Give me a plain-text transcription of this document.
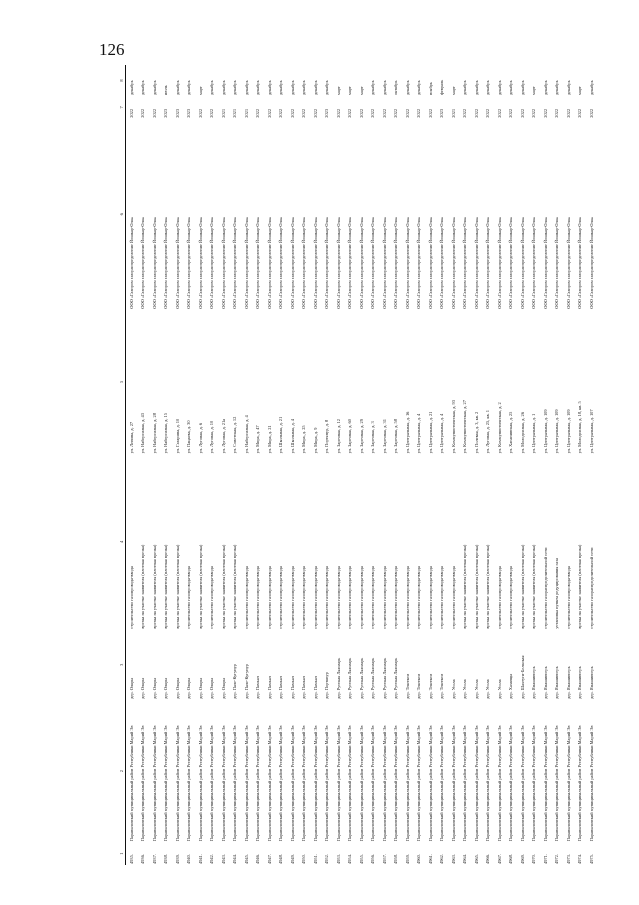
126
1	2	3	4	5	6	7	8
4935.	Параньгинский муниципальный район Республики Марий Эл	дер. Оляры	строительство газопровода-ввода	ул. Ленина, д. 27	ООО «Газпром газораспределение Йошкар-Ола»	2022	декабрь
4936.	Параньгинский муниципальный район Республики Марий Эл	дер. Оляры	врезка на участке заявителя (плотная врезка)	ул. Набережная, д. 43	ООО «Газпром газораспределение Йошкар-Ола»	2022	декабрь
4937.	Параньгинский муниципальный район Республики Марий Эл	дер. Оляры	врезка на участке заявителя (плотная врезка)	ул. Набережная, д. 28	ООО «Газпром газораспределение Йошкар-Ола»	2022	декабрь
4938.	Параньгинский муниципальный район Республики Марий Эл	дер. Оляры	врезка на участке заявителя (плотная врезка)	ул. Набережная, д. 15	ООО «Газпром газораспределение Йошкар-Ола»	2023	июль
4939.	Параньгинский муниципальный район Республики Марий Эл	дер. Оляры	врезка на участке заявителя (плотная врезка)	ул. Гагарина, д. 10	ООО «Газпром газораспределение Йошкар-Ола»	2023	декабрь
4940.	Параньгинский муниципальный район Республики Марий Эл	дер. Оляры	строительство газопровода-ввода	ул. Пацаева, д. 30	ООО «Газпром газораспределение Йошкар-Ола»	2023	декабрь
4941.	Параньгинский муниципальный район Республики Марий Эл	дер. Оляры	врезка на участке заявителя (плотная врезка)	ул. Луговая, д. 6	ООО «Газпром газораспределение Йошкар-Ола»	2022	март
4942.	Параньгинский муниципальный район Республики Марий Эл	дер. Оляры	строительство газопровода-ввода	ул. Луговая, д. 10	ООО «Газпром газораспределение Йошкар-Ола»	2022	декабрь
4943.	Параньгинский муниципальный район Республики Марий Эл	дер. Оляры	врезка на участке заявителя (плотная врезка)	ул. Луговая, д. 21а	ООО «Газпром газораспределение Йошкар-Ола»	2021	декабрь
4944.	Параньгинский муниципальный район Республики Марий Эл	дер. Пале-Кугунур	врезка на участке заявителя (плотная врезка)	ул. Советская, д. 12	ООО «Газпром газораспределение Йошкар-Ола»	2021	декабрь
4945.	Параньгинский муниципальный район Республики Марий Эл	дер. Пале-Кугунур	строительство газопровода-ввода	ул. Набережная, д. 4	ООО «Газпром газораспределение Йошкар-Ола»	2021	декабрь
4946.	Параньгинский муниципальный район Республики Марий Эл	дер. Памьял	строительство газопровода-ввода	ул. Мира, д. 47	ООО «Газпром газораспределение Йошкар-Ола»	2022	декабрь
4947.	Параньгинский муниципальный район Республики Марий Эл	дер. Памьял	строительство газопровода-ввода	ул. Мира, д. 21	ООО «Газпром газораспределение Йошкар-Ола»	2022	декабрь
4948.	Параньгинский муниципальный район Республики Марий Эл	дер. Памьял	строительство газопровода-ввода	ул. Школьная, д. 21	ООО «Газпром газораспределение Йошкар-Ола»	2022	декабрь
4949.	Параньгинский муниципальный район Республики Марий Эл	дер. Памьял	строительство газопровода-ввода	ул. Школьная, д. 4	ООО «Газпром газораспределение Йошкар-Ола»	2022	декабрь
4950.	Параньгинский муниципальный район Республики Марий Эл	дер. Памьял	строительство газопровода-ввода	ул. Мира, д. 25	ООО «Газпром газораспределение Йошкар-Ола»	2022	декабрь
4951.	Параньгинский муниципальный район Республики Марий Эл	дер. Памьял	строительство газопровода-ввода	ул. Мира, д. 9	ООО «Газпром газораспределение Йошкар-Ола»	2022	декабрь
4952.	Параньгинский муниципальный район Республики Марий Эл	дер. Портянур	строительство газопровода-ввода	ул. Портянур, д. 8	ООО «Газпром газораспределение Йошкар-Ола»	2023	декабрь
4953.	Параньгинский муниципальный район Республики Марий Эл	дер. Русская Ляжмарь	строительство газопровода-ввода	ул. Заречная, д. 12	ООО «Газпром газораспределение Йошкар-Ола»	2022	март
4954.	Параньгинский муниципальный район Республики Марий Эл	дер. Русская Ляжмарь	строительство газопровода-ввода	ул. Заречная, д. 60	ООО «Газпром газораспределение Йошкар-Ола»	2022	март
4955.	Параньгинский муниципальный район Республики Марий Эл	дер. Русская Ляжмарь	строительство газопровода-ввода	ул. Заречная, д. 29	ООО «Газпром газораспределение Йошкар-Ола»	2022	март
4956.	Параньгинский муниципальный район Республики Марий Эл	дер. Русская Ляжмарь	строительство газопровода-ввода	ул. Заречная, д. 3	ООО «Газпром газораспределение Йошкар-Ола»	2022	декабрь
4957.	Параньгинский муниципальный район Республики Марий Эл	дер. Русская Ляжмарь	строительство газопровода-ввода	ул. Заречная, д. 31	ООО «Газпром газораспределение Йошкар-Ола»	2022	декабрь
4958.	Параньгинский муниципальный район Республики Марий Эл	дер. Русская Ляжмарь	строительство газопровода-ввода	ул. Заречная, д. 58	ООО «Газпром газораспределение Йошкар-Ола»	2022	октябрь
4959.	Параньгинский муниципальный район Республики Марий Эл	дер. Тешткем	строительство газопровода-ввода	ул. Центральная, д. 16	ООО «Газпром газораспределение Йошкар-Ола»	2022	декабрь
4960.	Параньгинский муниципальный район Республики Марий Эл	дер. Тешткем	строительство газопровода-ввода	ул. Центральная, д. 4	ООО «Газпром газораспределение Йошкар-Ола»	2022	декабрь
4961.	Параньгинский муниципальный район Республики Марий Эл	дер. Тешткем	строительство газопровода-ввода	ул. Центральная, д. 21	ООО «Газпром газораспределение Йошкар-Ола»	2022	ноябрь
4962.	Параньгинский муниципальный район Республики Марий Эл	дер. Тешткем	строительство газопровода-ввода	ул. Центральная, д. 4	ООО «Газпром газораспределение Йошкар-Ола»	2023	февраль
4963.	Параньгинский муниципальный район Республики Марий Эл	дер. Усола	строительство газопровода-ввода	ул. Коммунистическая, д. 93	ООО «Газпром газораспределение Йошкар-Ола»	2021	март
4964.	Параньгинский муниципальный район Республики Марий Эл	дер. Усола	врезка на участке заявителя (плотная врезка)	ул. Коммунистическая, д. 27	ООО «Газпром газораспределение Йошкар-Ола»	2022	декабрь
4965.	Параньгинский муниципальный район Республики Марий Эл	дер. Усола	врезка на участке заявителя (плотная врезка)	ул. Полевая, д. 3, кв. 2	ООО «Газпром газораспределение Йошкар-Ола»	2022	декабрь
4966.	Параньгинский муниципальный район Республики Марий Эл	дер. Усола	врезка на участке заявителя (плотная врезка)	ул. Луговая, д. 25, кв. 1	ООО «Газпром газораспределение Йошкар-Ола»	2022	декабрь
4967.	Параньгинский муниципальный район Республики Марий Эл	дер. Усола	строительство газопровода-ввода	ул. Коммунистическая, д. 2	ООО «Газпром газораспределение Йошкар-Ола»	2022	декабрь
4968.	Параньгинский муниципальный район Республики Марий Эл	дер. Хазанцы	строительство газопровода-ввода	ул. Хасанинская, д. 25	ООО «Газпром газораспределение Йошкар-Ола»	2022	декабрь
4969.	Параньгинский муниципальный район Республики Марий Эл	дер. Шахтуги-Бельская	врезка на участке заявителя (плотная врезка)	ул. Молодежная, д. 26	ООО «Газпром газораспределение Йошкар-Ола»	2022	декабрь
4970.	Параньгинский муниципальный район Республики Марий Эл	дер. Ямашинсерь	врезка на участке заявителя (плотная врезка)	ул. Центральная, д. 1	ООО «Газпром газораспределение Йошкар-Ола»	2022	март
4971.	Параньгинский муниципальный район Республики Марий Эл	дер. Ямашинсерь	строительство газораспределительной сети	ул. Центральная, д. 109	ООО «Газпром газораспределение Йошкар-Ола»	2022	декабрь
4972.	Параньгинский муниципальный район Республики Марий Эл	дер. Ямашинсерь	установка пункта редуцирования газа	ул. Центральная, д. 109	ООО «Газпром газораспределение Йошкар-Ола»	2022	декабрь
4973.	Параньгинский муниципальный район Республики Марий Эл	дер. Ямашинсерь	строительство газопровода-ввода	ул. Центральная, д. 109	ООО «Газпром газораспределение Йошкар-Ола»	2022	декабрь
4974.	Параньгинский муниципальный район Республики Марий Эл	дер. Ямашинсерь	врезка на участке заявителя (плотная врезка)	ул. Молодежная, д. 18, кв. 5	ООО «Газпром газораспределение Йошкар-Ола»	2022	март
4975.	Параньгинский муниципальный район Республики Марий Эл	дер. Ямашинсерь	строительство газораспределительной сети	ул. Центральная, д. 107	ООО «Газпром газораспределение Йошкар-Ола»	2022	декабрь
